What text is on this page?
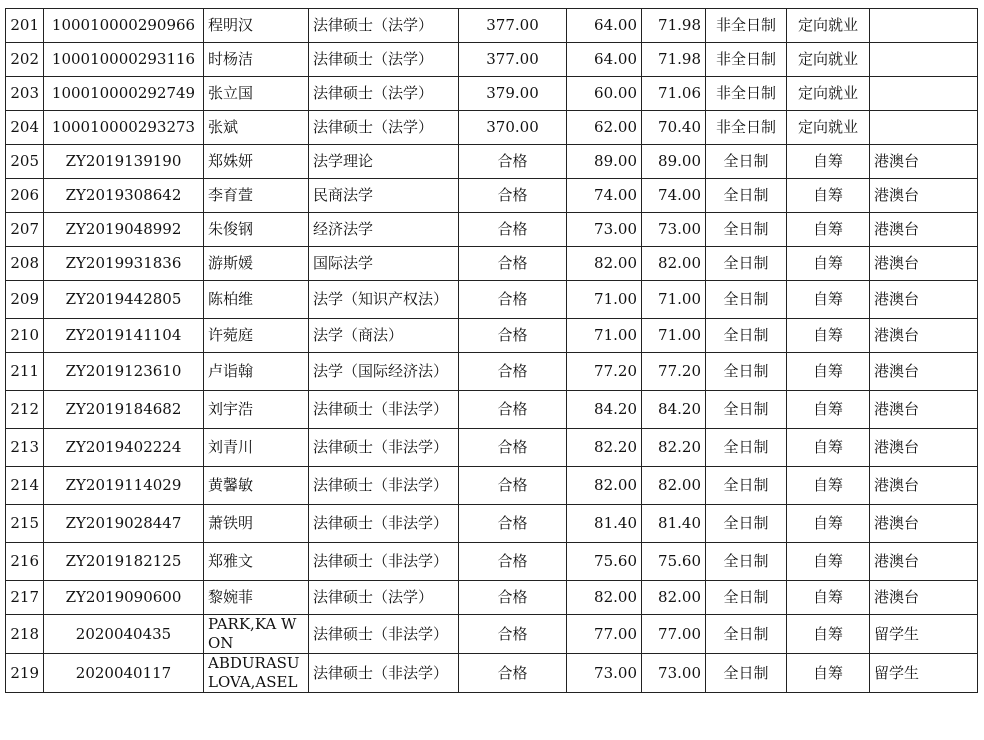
201	100010000290966	程明汉	法律硕士（法学）	377.00	64.00	71.98	非全日制	定向就业	
202	100010000293116	时杨洁	法律硕士（法学）	377.00	64.00	71.98	非全日制	定向就业	
203	100010000292749	张立国	法律硕士（法学）	379.00	60.00	71.06	非全日制	定向就业	
204	100010000293273	张斌	法律硕士（法学）	370.00	62.00	70.40	非全日制	定向就业	
205	ZY2019139190	郑姝妍	法学理论	合格	89.00	89.00	全日制	自筹	港澳台
206	ZY2019308642	李育萱	民商法学	合格	74.00	74.00	全日制	自筹	港澳台
207	ZY2019048992	朱俊钢	经济法学	合格	73.00	73.00	全日制	自筹	港澳台
208	ZY2019931836	游斯媛	国际法学	合格	82.00	82.00	全日制	自筹	港澳台
209	ZY2019442805	陈柏维	法学（知识产权法）	合格	71.00	71.00	全日制	自筹	港澳台
210	ZY2019141104	许菀庭	法学（商法）	合格	71.00	71.00	全日制	自筹	港澳台
211	ZY2019123610	卢诣翰	法学（国际经济法）	合格	77.20	77.20	全日制	自筹	港澳台
212	ZY2019184682	刘宇浩	法律硕士（非法学）	合格	84.20	84.20	全日制	自筹	港澳台
213	ZY2019402224	刘青川	法律硕士（非法学）	合格	82.20	82.20	全日制	自筹	港澳台
214	ZY2019114029	黄馨敏	法律硕士（非法学）	合格	82.00	82.00	全日制	自筹	港澳台
215	ZY2019028447	萧铁明	法律硕士（非法学）	合格	81.40	81.40	全日制	自筹	港澳台
216	ZY2019182125	郑雅文	法律硕士（非法学）	合格	75.60	75.60	全日制	自筹	港澳台
217	ZY2019090600	黎婉菲	法律硕士（法学）	合格	82.00	82.00	全日制	自筹	港澳台
218	2020040435	PARK,KA WON	法律硕士（非法学）	合格	77.00	77.00	全日制	自筹	留学生
219	2020040117	ABDURASULOVA,ASEL	法律硕士（非法学）	合格	73.00	73.00	全日制	自筹	留学生
